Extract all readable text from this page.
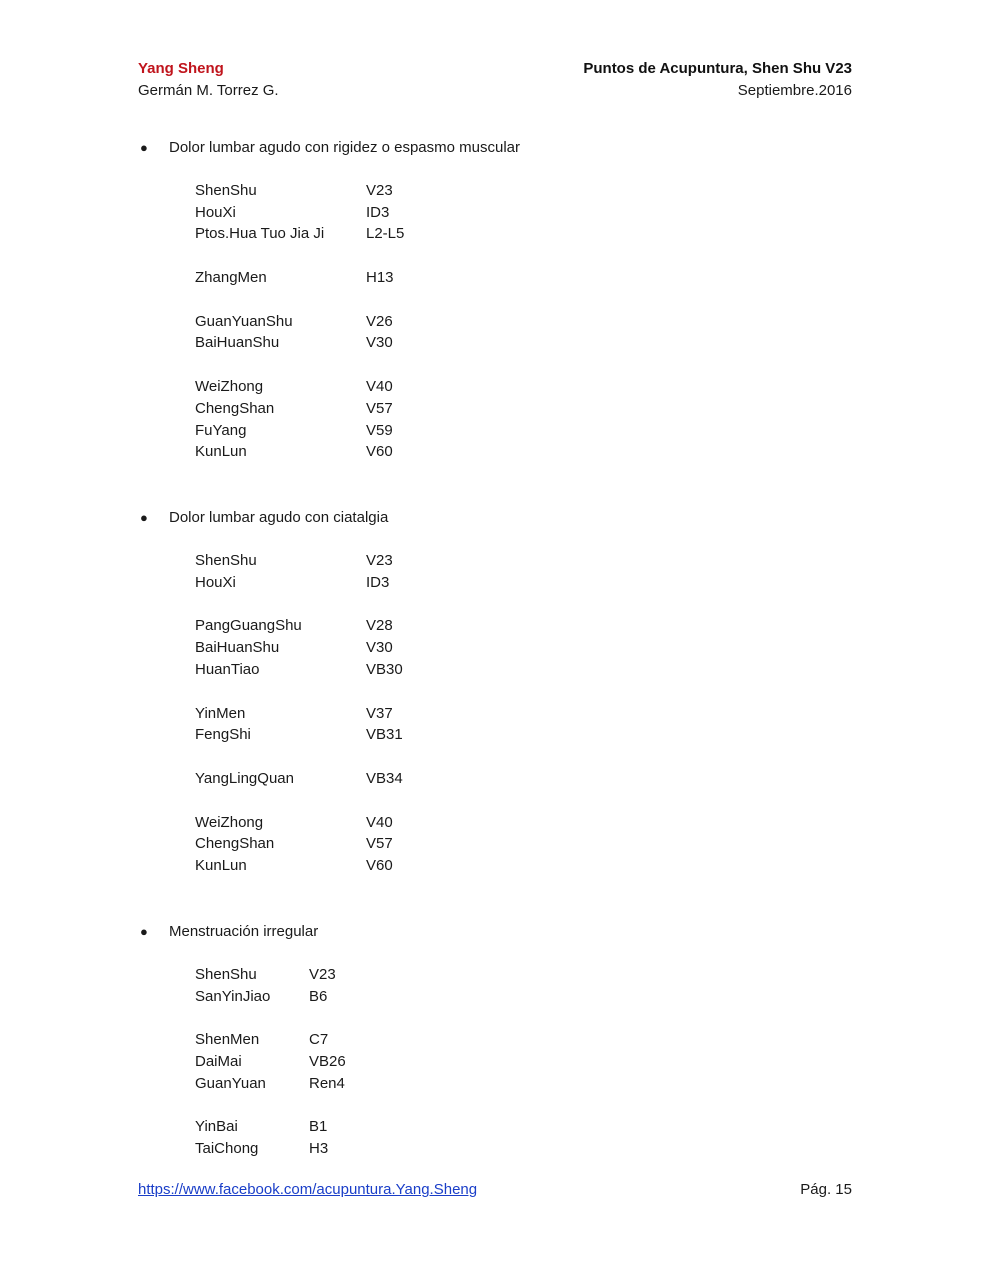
Yang Sheng	Puntos de Acupuntura, Shen Shu V23
Germán M. Torrez G.	Septiembre.2016
●	Dolor lumbar agudo con rigidez o espasmo muscular
ShenShu	V23
HouXi	ID3
Ptos.Hua Tuo Jia Ji	L2-L5
ZhangMen	H13
GuanYuanShu	V26
BaiHuanShu	V30
WeiZhong	V40
ChengShan	V57
FuYang	V59
KunLun	V60
●	Dolor lumbar agudo con ciatalgia
ShenShu	V23
HouXi	ID3
PangGuangShu	V28
BaiHuanShu	V30
HuanTiao	VB30
YinMen	V37
FengShi	VB31
YangLingQuan	VB34
WeiZhong	V40
ChengShan	V57
KunLun	V60
●	Menstruación irregular
ShenShu	V23
SanYinJiao	B6
ShenMen	C7
DaiMai	VB26
GuanYuan	Ren4
YinBai	B1
TaiChong	H3
https://www.facebook.com/acupuntura.Yang.Sheng	Pág. 15
